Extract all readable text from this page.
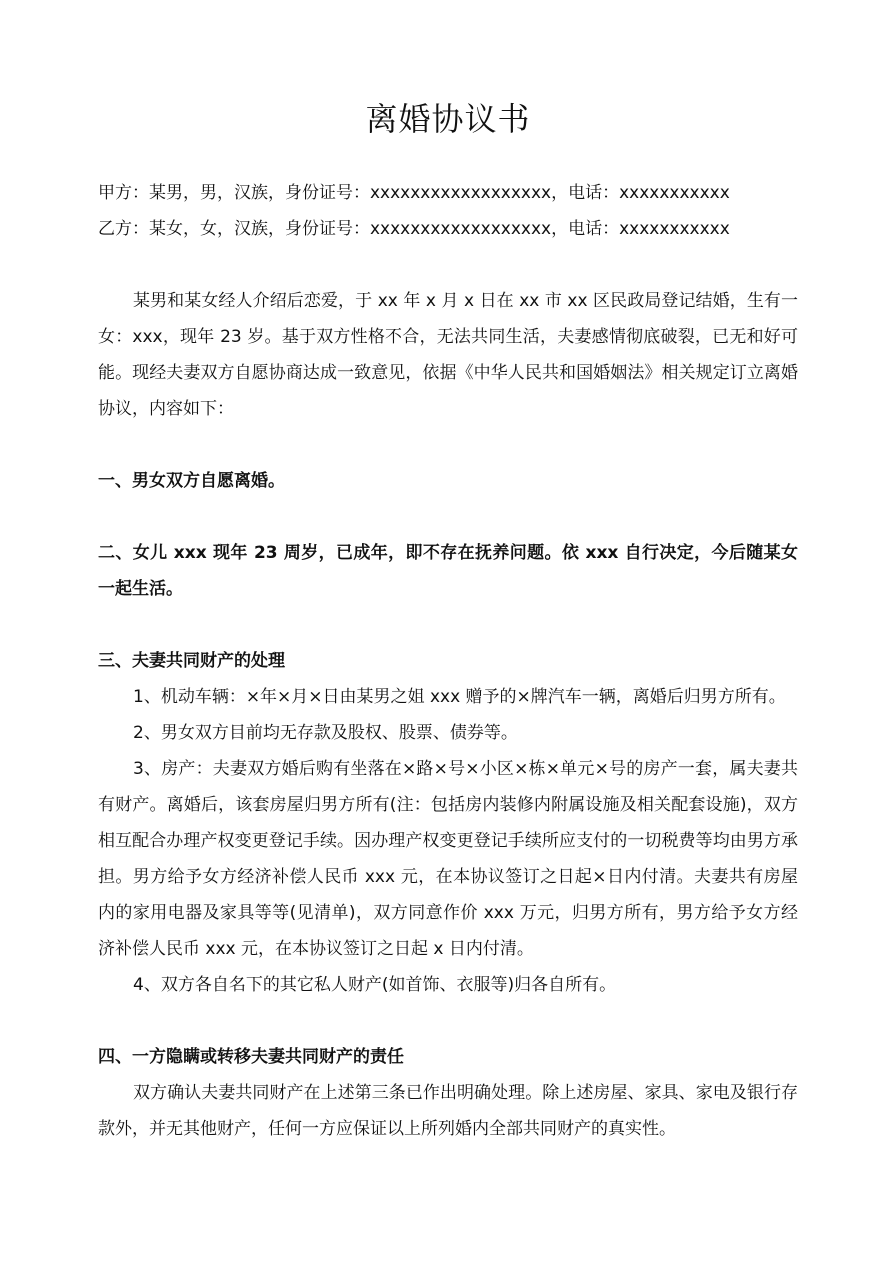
离婚协议书

甲方：某男，男，汉族，身份证号：xxxxxxxxxxxxxxxxxx，电话：xxxxxxxxxxx

乙方：某女，女，汉族，身份证号：xxxxxxxxxxxxxxxxxx，电话：xxxxxxxxxxx

某男和某女经人介绍后恋爱，于 xx 年 x 月 x 日在 xx 市 xx 区民政局登记结婚，生有一女：xxx，现年 23 岁。基于双方性格不合，无法共同生活，夫妻感情彻底破裂，已无和好可能。现经夫妻双方自愿协商达成一致意见，依据《中华人民共和国婚姻法》相关规定订立离婚协议，内容如下：

一、男女双方自愿离婚。

二、女儿 xxx 现年 23 周岁，已成年，即不存在抚养问题。依 xxx 自行决定，今后随某女一起生活。

三、夫妻共同财产的处理

1、机动车辆：×年×月×日由某男之姐 xxx 赠予的×牌汽车一辆，离婚后归男方所有。

2、男女双方目前均无存款及股权、股票、债券等。

3、房产：夫妻双方婚后购有坐落在×路×号×小区×栋×单元×号的房产一套，属夫妻共有财产。离婚后，该套房屋归男方所有(注：包括房内装修内附属设施及相关配套设施)，双方相互配合办理产权变更登记手续。因办理产权变更登记手续所应支付的一切税费等均由男方承担。男方给予女方经济补偿人民币 xxx 元，在本协议签订之日起×日内付清。夫妻共有房屋内的家用电器及家具等等(见清单)，双方同意作价 xxx 万元，归男方所有，男方给予女方经济补偿人民币 xxx 元，在本协议签订之日起 x 日内付清。

4、双方各自名下的其它私人财产(如首饰、衣服等)归各自所有。

四、一方隐瞒或转移夫妻共同财产的责任

双方确认夫妻共同财产在上述第三条已作出明确处理。除上述房屋、家具、家电及银行存款外，并无其他财产，任何一方应保证以上所列婚内全部共同财产的真实性。
